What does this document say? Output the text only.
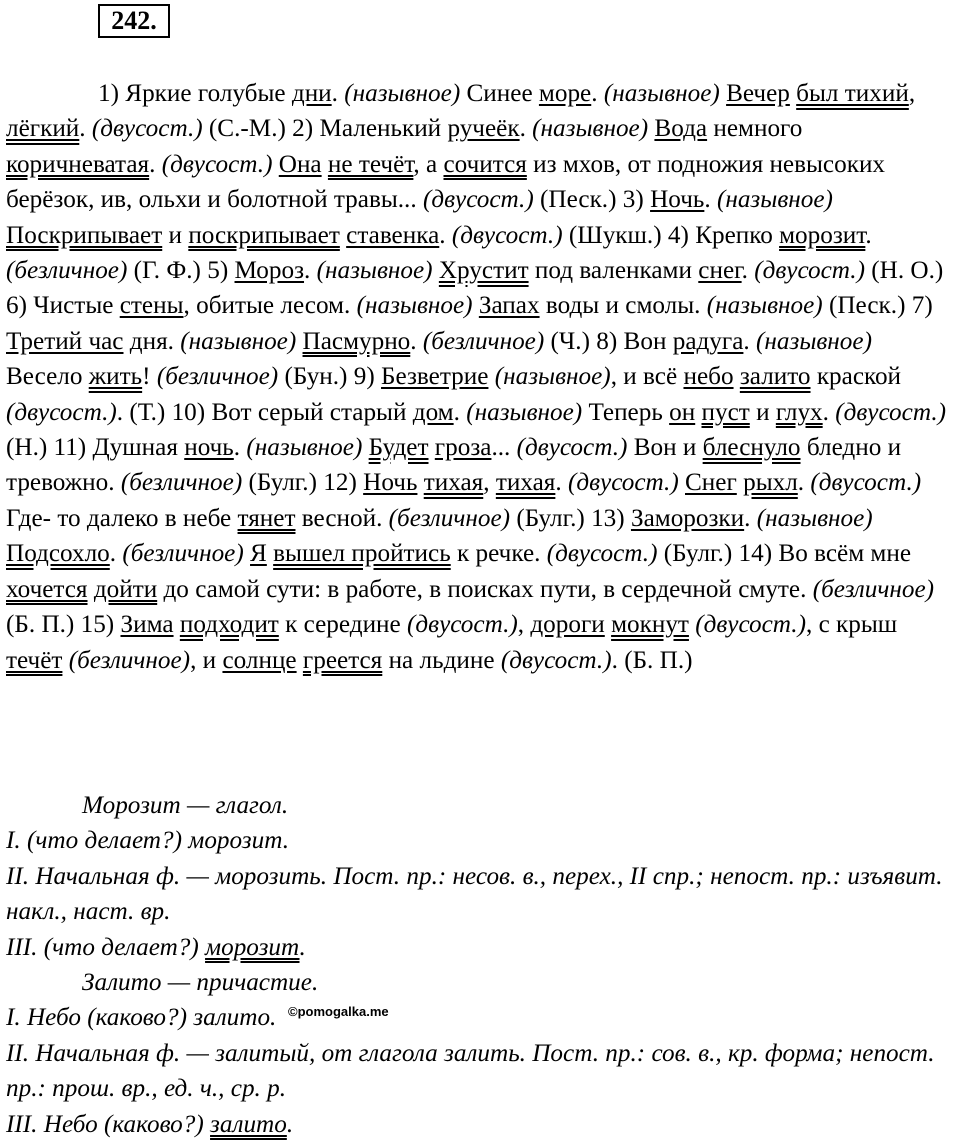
242.
1) Яркие голубые дни. (назывное) Синее море. (назывное) Вечер был тихий, лёгкий. (двусост.) (С.-М.) 2) Маленький ручеёк. (назывное) Вода немного коричневатая. (двусост.) Она не течёт, а сочится из мхов, от подножия невысоких берёзок, ив, ольхи и болотной травы... (двусост.) (Песк.) 3) Ночь. (назывное) Поскрипывает и поскрипывает ставенка. (двусост.) (Шукш.) 4) Крепко морозит. (безличное) (Г. Ф.) 5) Мороз. (назывное) Хрустит под валенками снег. (двусост.) (Н. О.) 6) Чистые стены, обитые лесом. (назывное) Запах воды и смолы. (назывное) (Песк.) 7) Третий час дня. (назывное) Пасмурно. (безличное) (Ч.) 8) Вон радуга. (назывное) Весело жить! (безличное) (Бун.) 9) Безветрие (назывное), и всё небо залито краской (двусост.). (Т.) 10) Вот серый старый дом. (назывное) Теперь он пуст и глух. (двусост.) (Н.) 11) Душная ночь. (назывное) Будет гроза... (двусост.) Вон и блеснуло бледно и тревожно. (безличное) (Булг.) 12) Ночь тихая, тихая. (двусост.) Снег рыхл. (двусост.) Где- то далеко в небе тянет весной. (безличное) (Булг.) 13) Заморозки. (назывное) Подсохло. (безличное) Я вышел пройтись к речке. (двусост.) (Булг.) 14) Во всём мне хочется дойти до самой сути: в работе, в поисках пути, в сердечной смуте. (безличное) (Б. П.) 15) Зима подходит к середине (двусост.), дороги мокнут (двусост.), с крыш течёт (безличное), и солнце греется на льдине (двусост.). (Б. П.)
Морозит — глагол.
I. (что делает?) морозит.
II. Начальная ф. — морозить. Пост. пр.: несов. в., перех., II спр.; непост. пр.: изъявит. накл., наст. вр.
III. (что делает?) морозит.
Залито — причастие.
I. Небо (каково?) залито.
II. Начальная ф. — залитый, от глагола залить. Пост. пр.: сов. в., кр. форма; непост. пр.: прош. вр., ед. ч., ср. р.
III. Небо (каково?) залито.
©pomogalka.me
